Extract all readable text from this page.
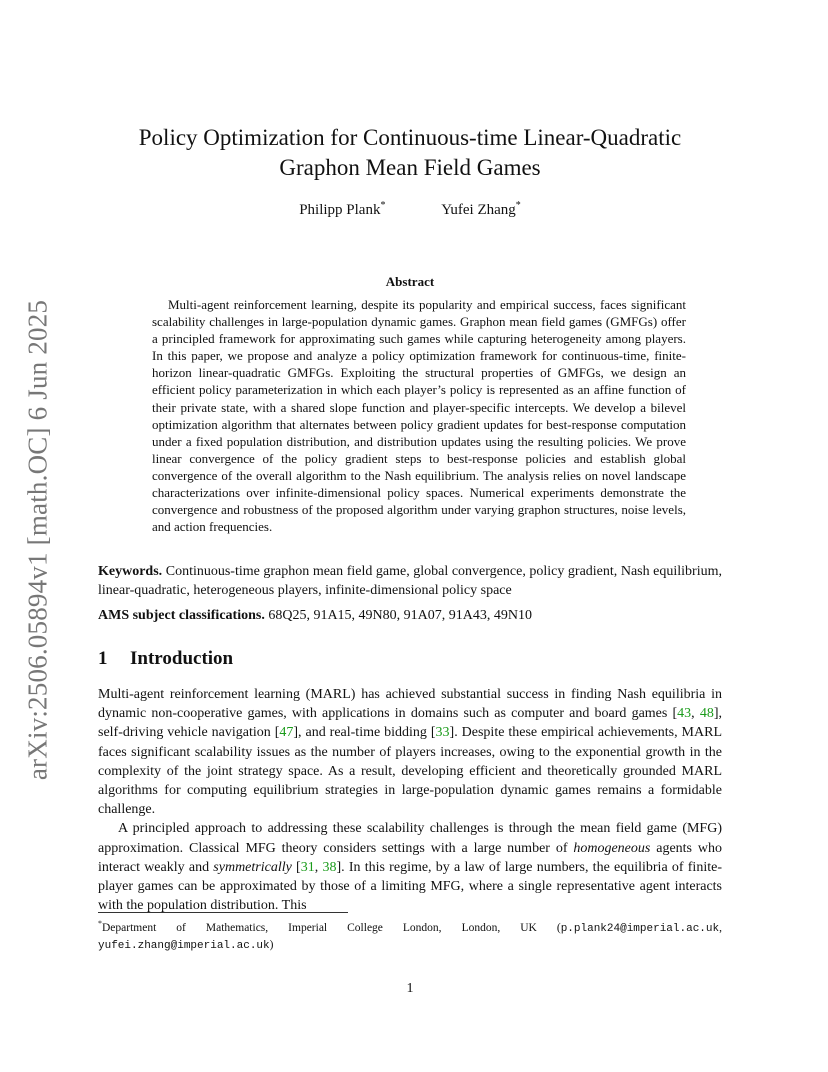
arXiv:2506.05894v1 [math.OC] 6 Jun 2025
Policy Optimization for Continuous-time Linear-Quadratic
Graphon Mean Field Games
Philipp Plank*	Yufei Zhang*
Abstract
Multi-agent reinforcement learning, despite its popularity and empirical success, faces significant scalability challenges in large-population dynamic games. Graphon mean field games (GMFGs) offer a principled framework for approximating such games while capturing heterogeneity among players. In this paper, we propose and analyze a policy optimization framework for continuous-time, finite-horizon linear-quadratic GMFGs. Exploiting the structural properties of GMFGs, we design an efficient policy parameterization in which each player’s policy is represented as an affine function of their private state, with a shared slope function and player-specific intercepts. We develop a bilevel optimization algorithm that alternates between policy gradient updates for best-response computation under a fixed population distribution, and distribution updates using the resulting policies. We prove linear convergence of the policy gradient steps to best-response policies and establish global convergence of the overall algorithm to the Nash equilibrium. The analysis relies on novel landscape characterizations over infinite-dimensional policy spaces. Numerical experiments demonstrate the convergence and robustness of the proposed algorithm under varying graphon structures, noise levels, and action frequencies.
Keywords. Continuous-time graphon mean field game, global convergence, policy gradient, Nash equilibrium, linear-quadratic, heterogeneous players, infinite-dimensional policy space
AMS subject classifications. 68Q25, 91A15, 49N80, 91A07, 91A43, 49N10
1 Introduction

Multi-agent reinforcement learning (MARL) has achieved substantial success in finding Nash equilibria in dynamic non-cooperative games, with applications in domains such as computer and board games [43, 48], self-driving vehicle navigation [47], and real-time bidding [33]. Despite these empirical achievements, MARL faces significant scalability issues as the number of players increases, owing to the exponential growth in the complexity of the joint strategy space. As a result, developing efficient and theoretically grounded MARL algorithms for computing equilibrium strategies in large-population dynamic games remains a formidable challenge.

A principled approach to addressing these scalability challenges is through the mean field game (MFG) approximation. Classical MFG theory considers settings with a large number of homogeneous agents who interact weakly and symmetrically [31, 38]. In this regime, by a law of large numbers, the equilibria of finite-player games can be approximated by those of a limiting MFG, where a single representative agent interacts with the population distribution. This

*Department of Mathematics, Imperial College London, London, UK (p.plank24@imperial.ac.uk, yufei.zhang@imperial.ac.uk)
1
